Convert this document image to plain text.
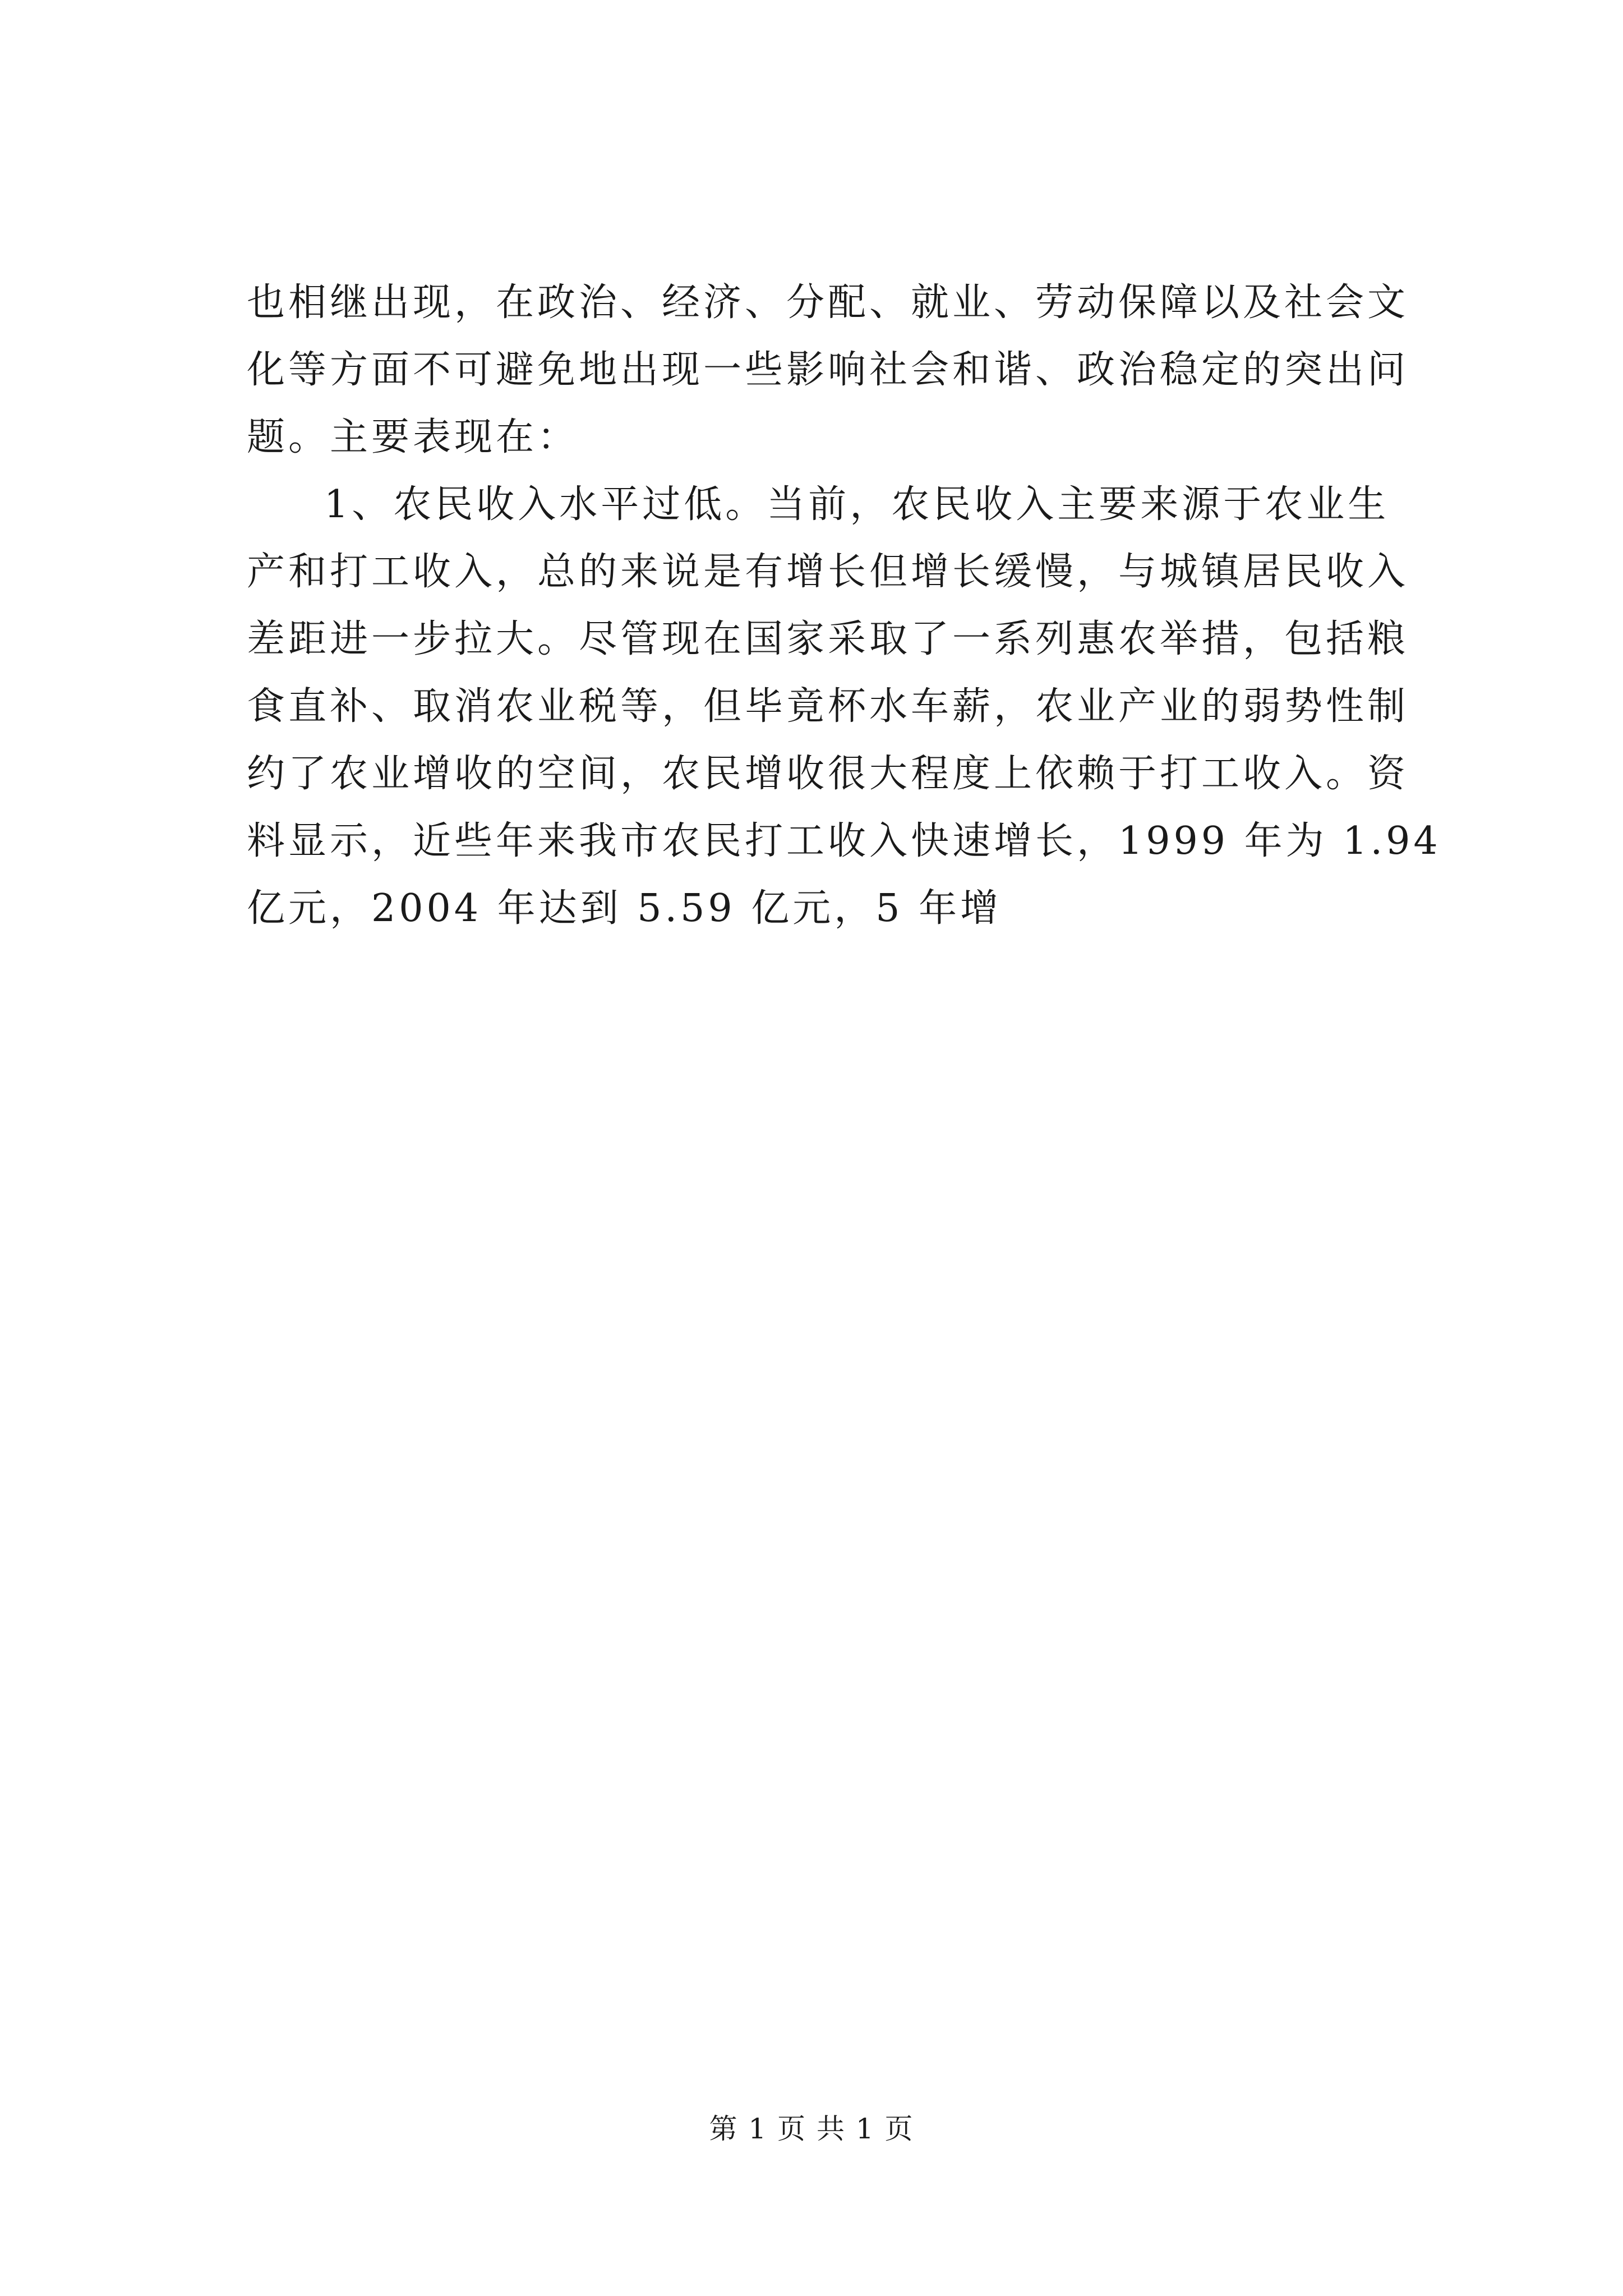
也相继出现，在政治、经济、分配、就业、劳动保障以及社会文
化等方面不可避免地出现一些影响社会和谐、政治稳定的突出问
题。主要表现在：
1、农民收入水平过低。当前，农民收入主要来源于农业生
产和打工收入，总的来说是有增长但增长缓慢，与城镇居民收入
差距进一步拉大。尽管现在国家采取了一系列惠农举措，包括粮
食直补、取消农业税等，但毕竟杯水车薪，农业产业的弱势性制
约了农业增收的空间，农民增收很大程度上依赖于打工收入。资
料显示，近些年来我市农民打工收入快速增长，1999 年为 1.94
亿元，2004 年达到 5.59 亿元，5 年增
第 1 页 共 1 页
